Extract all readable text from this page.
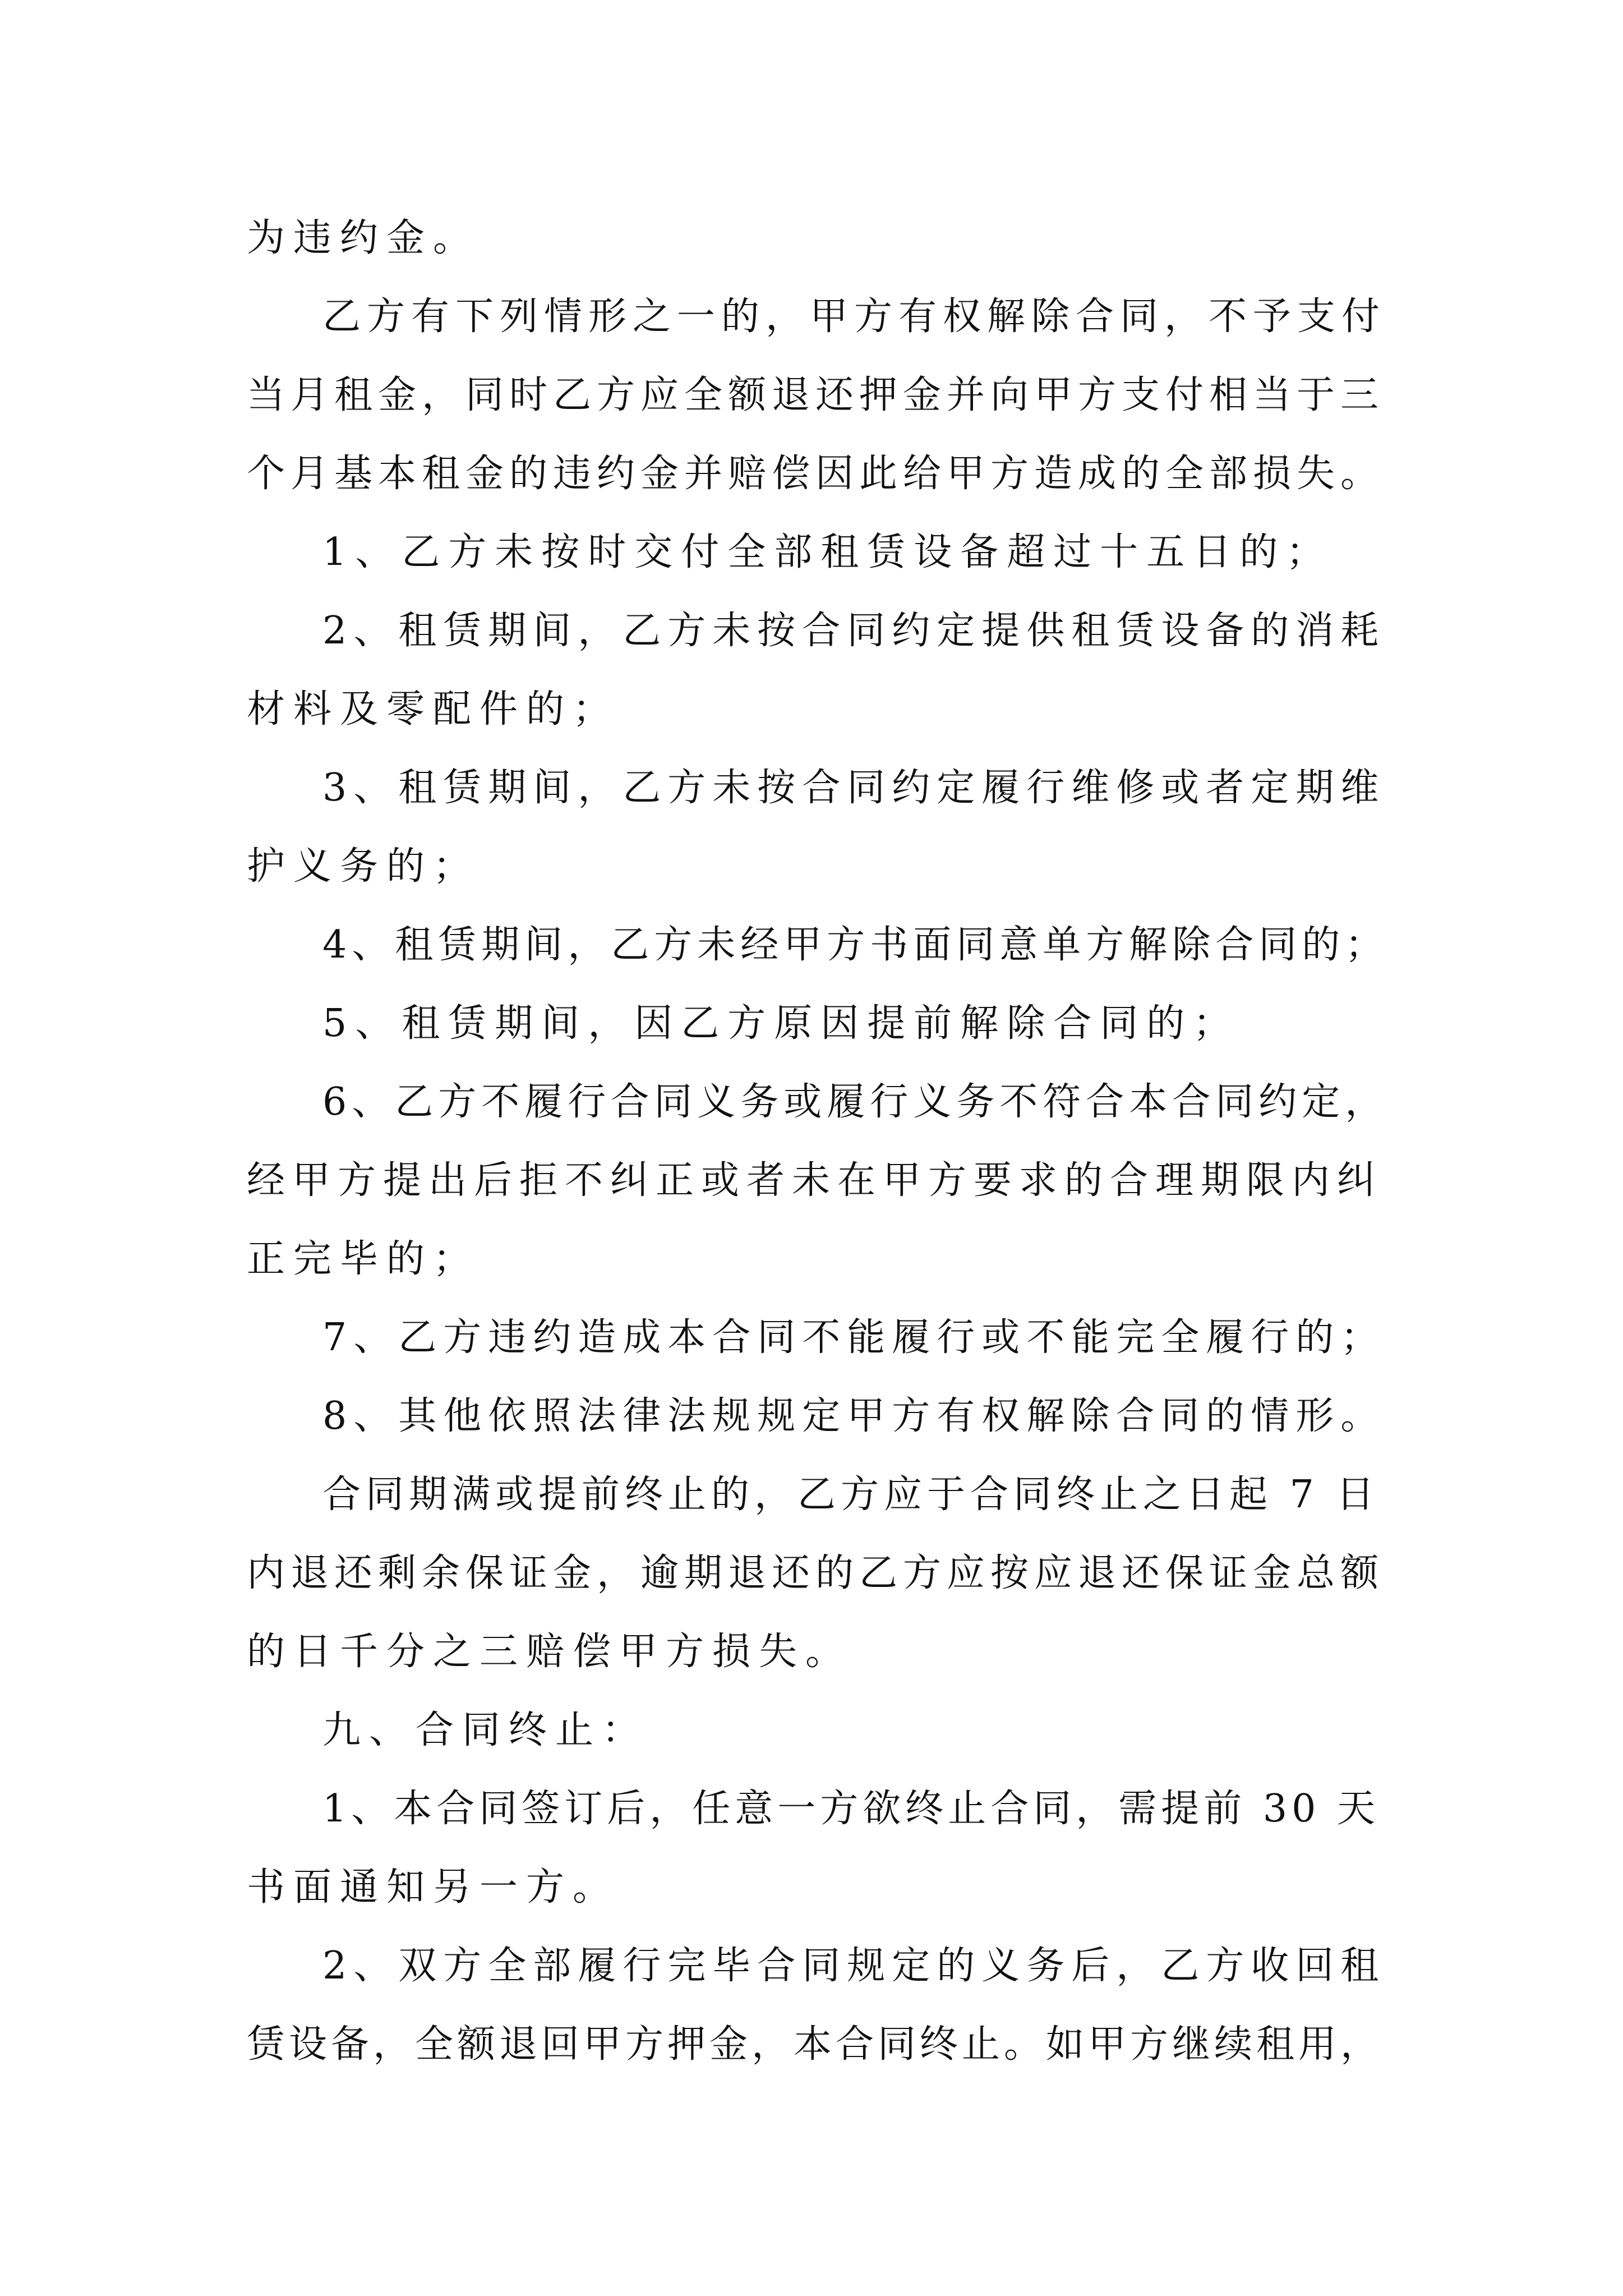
为违约金。
乙方有下列情形之一的，甲方有权解除合同，不予支付
当月租金，同时乙方应全额退还押金并向甲方支付相当于三
个月基本租金的违约金并赔偿因此给甲方造成的全部损失。
1、乙方未按时交付全部租赁设备超过十五日的；
2、租赁期间，乙方未按合同约定提供租赁设备的消耗
材料及零配件的；
3、租赁期间，乙方未按合同约定履行维修或者定期维
护义务的；
4、租赁期间，乙方未经甲方书面同意单方解除合同的；
5、租赁期间，因乙方原因提前解除合同的；
6、乙方不履行合同义务或履行义务不符合本合同约定，
经甲方提出后拒不纠正或者未在甲方要求的合理期限内纠
正完毕的；
7、乙方违约造成本合同不能履行或不能完全履行的；
8、其他依照法律法规规定甲方有权解除合同的情形。
合同期满或提前终止的，乙方应于合同终止之日起 7 日
内退还剩余保证金，逾期退还的乙方应按应退还保证金总额
的日千分之三赔偿甲方损失。
九、合同终止：
1、本合同签订后，任意一方欲终止合同，需提前 30 天
书面通知另一方。
2、双方全部履行完毕合同规定的义务后，乙方收回租
赁设备，全额退回甲方押金，本合同终止。如甲方继续租用，
